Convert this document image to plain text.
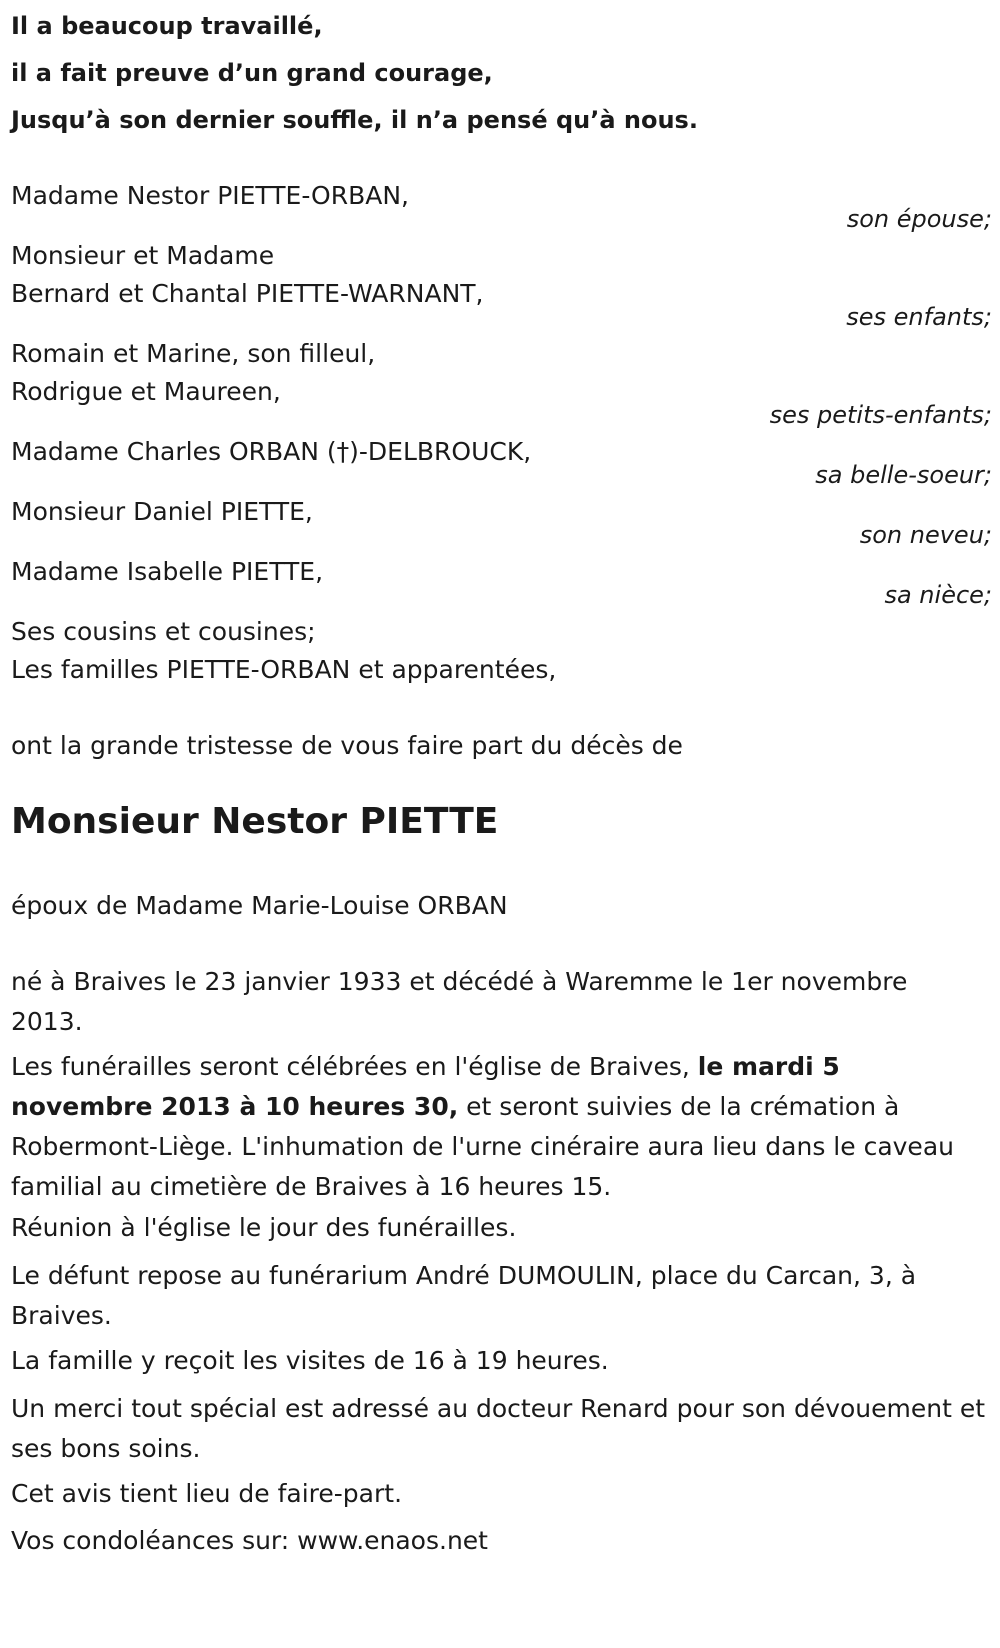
Il a beaucoup travaillé,
il a fait preuve d’un grand courage,
Jusqu’à son dernier souffle, il n’a pensé qu’à nous.
Madame Nestor PIETTE-ORBAN,
son épouse;
Monsieur et Madame
Bernard et Chantal PIETTE-WARNANT,
ses enfants;
Romain et Marine, son filleul,
Rodrigue et Maureen,
ses petits-enfants;
Madame Charles ORBAN (†)-DELBROUCK,
sa belle-soeur;
Monsieur Daniel PIETTE,
son neveu;
Madame Isabelle PIETTE,
sa nièce;
Ses cousins et cousines;
Les familles PIETTE-ORBAN et apparentées,
ont la grande tristesse de vous faire part du décès de
Monsieur Nestor PIETTE
époux de Madame Marie-Louise ORBAN
né à Braives le 23 janvier 1933 et décédé à Waremme le 1er novembre 2013.
Les funérailles seront célébrées en l'église de Braives, le mardi 5 novembre 2013 à 10 heures 30, et seront suivies de la crémation à Robermont-Liège. L'inhumation de l'urne cinéraire aura lieu dans le caveau familial au cimetière de Braives à 16 heures 15.
Réunion à l'église le jour des funérailles.
Le défunt repose au funérarium André DUMOULIN, place du Carcan, 3, à Braives.
La famille y reçoit les visites de 16 à 19 heures.
Un merci tout spécial est adressé au docteur Renard pour son dévouement et ses bons soins.
Cet avis tient lieu de faire-part.
Vos condoléances sur: www.enaos.net
